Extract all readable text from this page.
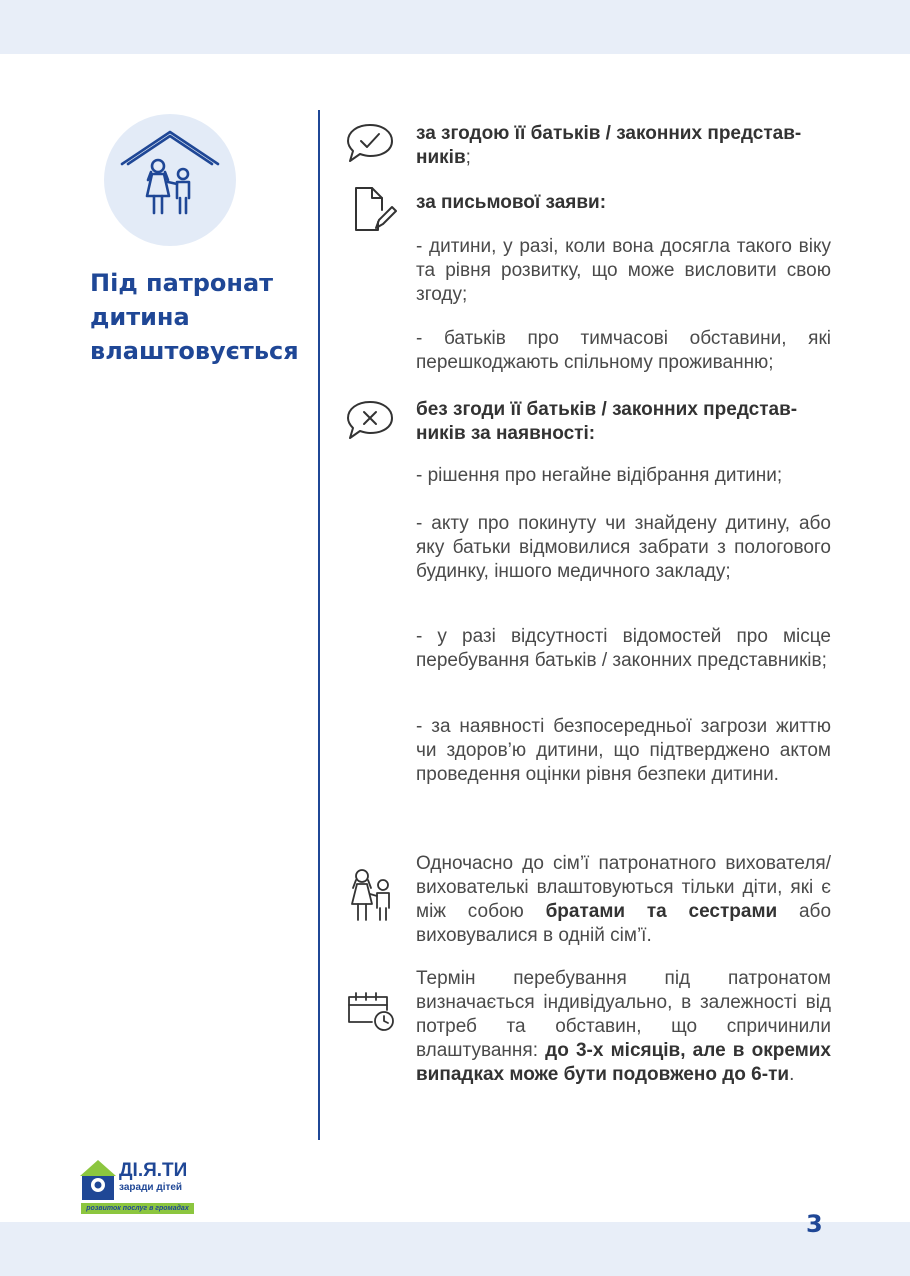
Під патронат дитина влаштовується
за згодою її батьків / законних представ-
ників;
за письмової заяви:
- дитини, у разі, коли вона досягла такого віку та рівня розвитку, що може висловити свою згоду;
- батьків про тимчасові обставини, які перешкоджають спільному проживанню;
без згоди її батьків / законних представ-
ників за наявності:
- рішення про негайне відібрання дитини;
- акту про покинуту чи знайдену дитину, або яку батьки відмовилися забрати з пологового будинку, іншого медичного закладу;
- у разі відсутності відомостей про місце перебування батьків / законних представників;
- за наявності безпосередньої загрози життю чи здоров’ю дитини, що підтверджено актом проведення оцінки рівня безпеки дитини.
Одночасно до сім’ї патронатного вихователя/вихователькі влаштовуються тільки діти, які є між собою братами та сестрами або виховувалися в одній сім’ї.
Термін перебування під патронатом визначається індивідуально, в залежності від потреб та обставин, що спричинили влаштування: до 3-х місяців, але в окремих випадках може бути подовжено до 6-ти.
ДІ.Я.ТИ
заради дітей
розвиток послуг в громадах
3
